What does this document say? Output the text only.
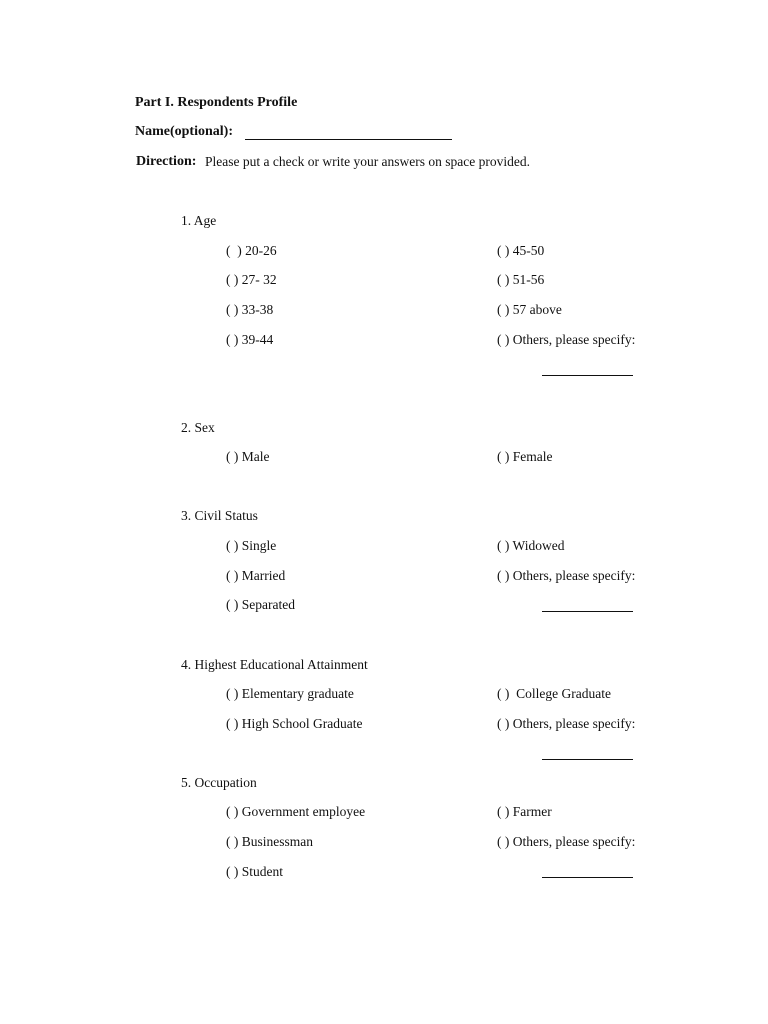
Part I. Respondents Profile
Name(optional):
Direction: Please put a check or write your answers on space provided.
1. Age
(  ) 20-26
( ) 27- 32
( ) 33-38
( ) 39-44
( ) 45-50
( ) 51-56
( ) 57 above
( ) Others, please specify:
2. Sex
( ) Male	( ) Female
3. Civil Status
( ) Single
( ) Married
( ) Separated
( ) Widowed
( ) Others, please specify:
4. Highest Educational Attainment
( ) Elementary graduate
( ) High School Graduate
( )  College Graduate
( ) Others, please specify:
5. Occupation
( ) Government employee
( ) Businessman
( ) Student
( ) Farmer
( ) Others, please specify:
